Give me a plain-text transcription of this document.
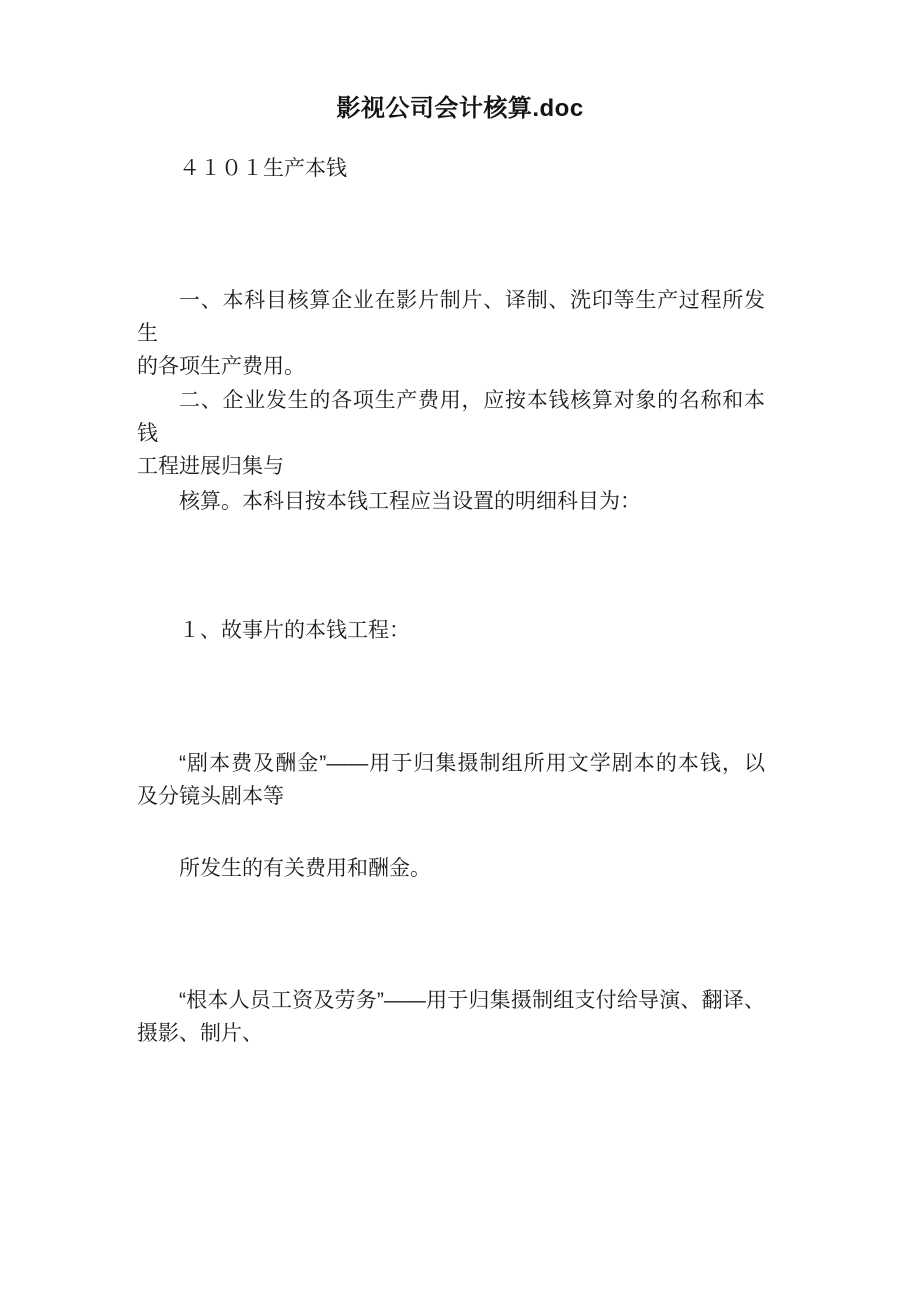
影视公司会计核算.doc
４１０１生产本钱
一、本科目核算企业在影片制片、译制、洗印等生产过程所发生
的各项生产费用。
二、企业发生的各项生产费用，应按本钱核算对象的名称和本钱
工程进展归集与
核算。本科目按本钱工程应当设置的明细科目为：
１、故事片的本钱工程：
“剧本费及酬金”——用于归集摄制组所用文学剧本的本钱，以
及分镜头剧本等
所发生的有关费用和酬金。
“根本人员工资及劳务”——用于归集摄制组支付给导演、翻译、
摄影、制片、
